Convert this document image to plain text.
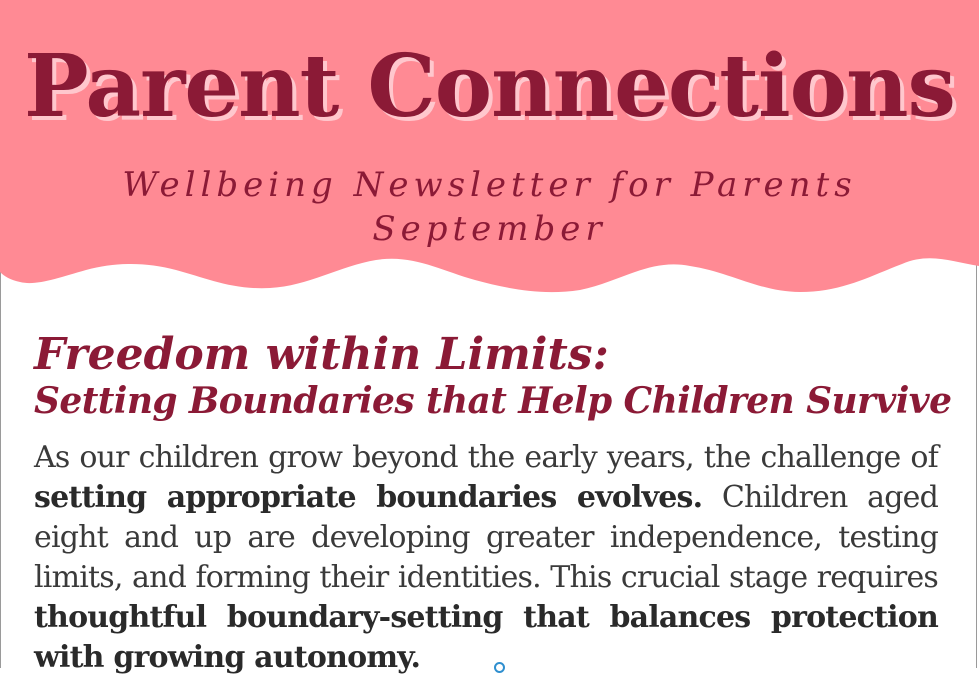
Parent Connections

Wellbeing Newsletter for Parents

September

Freedom within Limits:
Setting Boundaries that Help Children Survive

As our children grow beyond the early years, the challenge of setting appropriate boundaries evolves. Children aged eight and up are developing greater independence, testing limits, and forming their identities. This crucial stage requires thoughtful boundary-setting that balances protection with growing autonomy.
